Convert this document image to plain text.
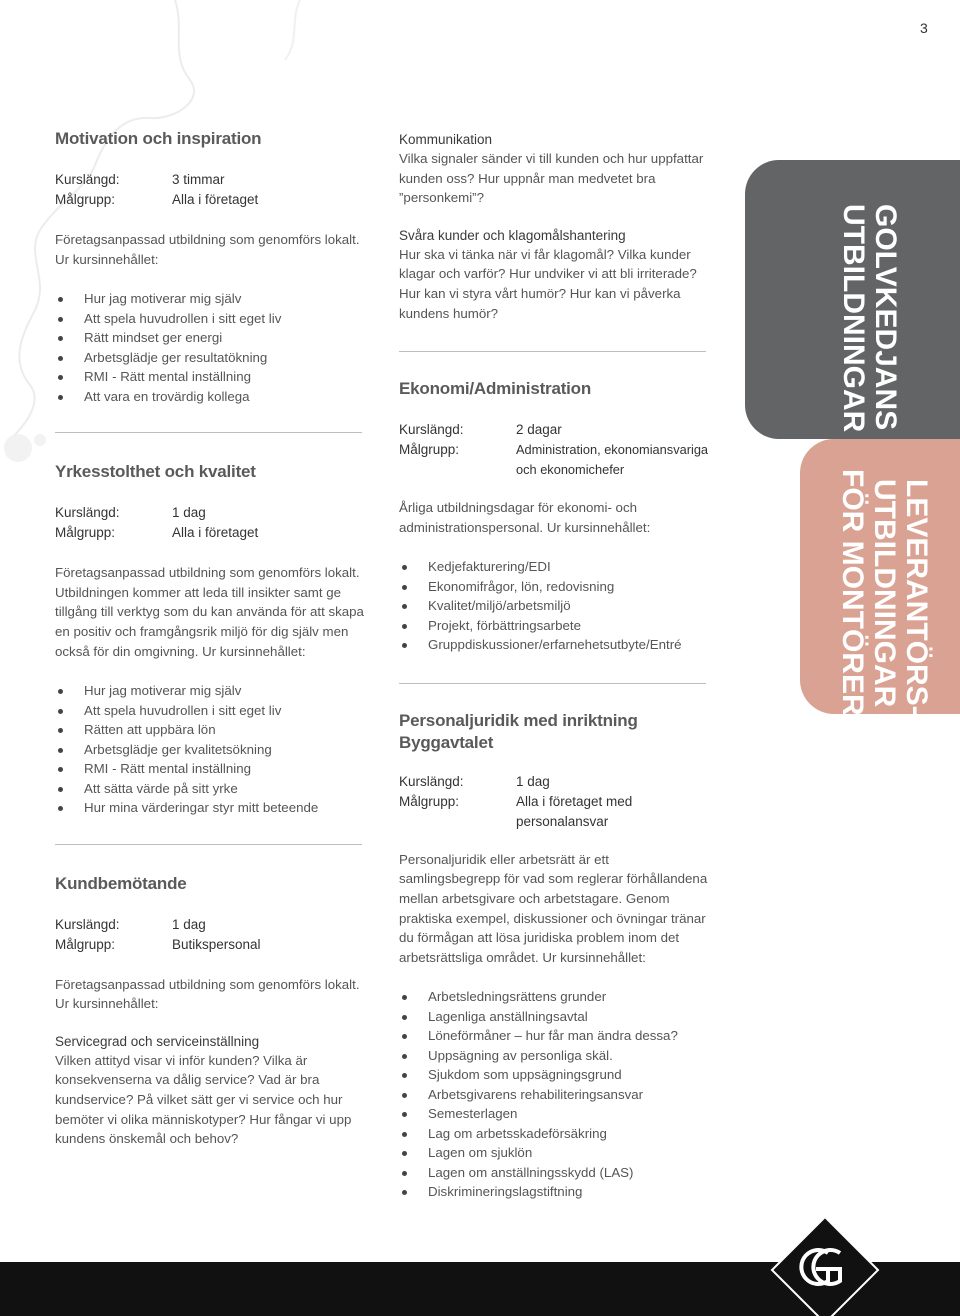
3
Motivation och inspiration
Kurslängd:	3 timmar
Målgrupp:	Alla i företaget

Företagsanpassad utbildning som genomförs lokalt. Ur kursinnehållet:

Hur jag motiverar mig själv
Att spela huvudrollen i sitt eget liv
Rätt mindset ger energi
Arbetsglädje ger resultatökning
RMI - Rätt mental inställning
Att vara en trovärdig kollega
Yrkesstolthet och kvalitet
Kurslängd:	1 dag
Målgrupp:	Alla i företaget

Företagsanpassad utbildning som genomförs lokalt. Utbildningen kommer att leda till insikter samt ge tillgång till verktyg som du kan använda för att skapa en positiv och framgångsrik miljö för dig själv men också för din omgivning. Ur kursinnehållet:

Hur jag motiverar mig själv
Att spela huvudrollen i sitt eget liv
Rätten att uppbära lön
Arbetsglädje ger kvalitetsökning
RMI - Rätt mental inställning
Att sätta värde på sitt yrke
Hur mina värderingar styr mitt beteende
Kundbemötande
Kurslängd:	1 dag
Målgrupp:	Butikspersonal

Företagsanpassad utbildning som genomförs lokalt. Ur kursinnehållet:

Servicegrad och serviceinställning

Vilken attityd visar vi inför kunden? Vilka är konsekvenserna va dålig service? Vad är bra kundservice? På vilket sätt ger vi service och hur bemöter vi olika människotyper? Hur fångar vi upp kundens önskemål och behov?

Kommunikation

Vilka signaler sänder vi till kunden och hur uppfattar kunden oss? Hur uppnår man medvetet bra ”personkemi”?

Svåra kunder och klagomålshantering

Hur ska vi tänka när vi får klagomål? Vilka kunder klagar och varför? Hur undviker vi att bli irriterade? Hur kan vi styra vårt humör? Hur kan vi påverka kundens humör?

Ekonomi/Administration
Kurslängd:	2 dagar
Målgrupp:	Administration, ekonomiansvariga och ekonomichefer

Årliga utbildningsdagar för ekonomi- och administrationspersonal. Ur kursinnehållet:

Kedjefakturering/EDI
Ekonomifrågor, lön, redovisning
Kvalitet/miljö/arbetsmiljö
Projekt, förbättringsarbete
Gruppdiskussioner/erfarnehetsutbyte/Entré
Personaljuridik med inriktning Byggavtalet
Kurslängd:	1 dag
Målgrupp:	Alla i företaget med personalansvar

Personaljuridik eller arbetsrätt är ett samlingsbegrepp för vad som reglerar förhållandena mellan arbetsgivare och arbetstagare. Genom praktiska exempel, diskussioner och övningar tränar du förmågan att lösa juridiska problem inom det arbetsrättsliga området. Ur kursinnehållet:

Arbetsledningsrättens grunder
Lagenliga anställningsavtal
Löneförmåner – hur får man ändra dessa?
Uppsägning av personliga skäl.
Sjukdom som uppsägningsgrund
Arbetsgivarens rehabiliteringsansvar
Semesterlagen
Lag om arbetsskadeförsäkring
Lagen om sjuklön
Lagen om anställningsskydd (LAS)
Diskrimineringslagstiftning
GOLVKEDJANS
UTBILDNINGAR
LEVERANTÖRS-
UTBILDNINGAR
FÖR MONTÖRER
